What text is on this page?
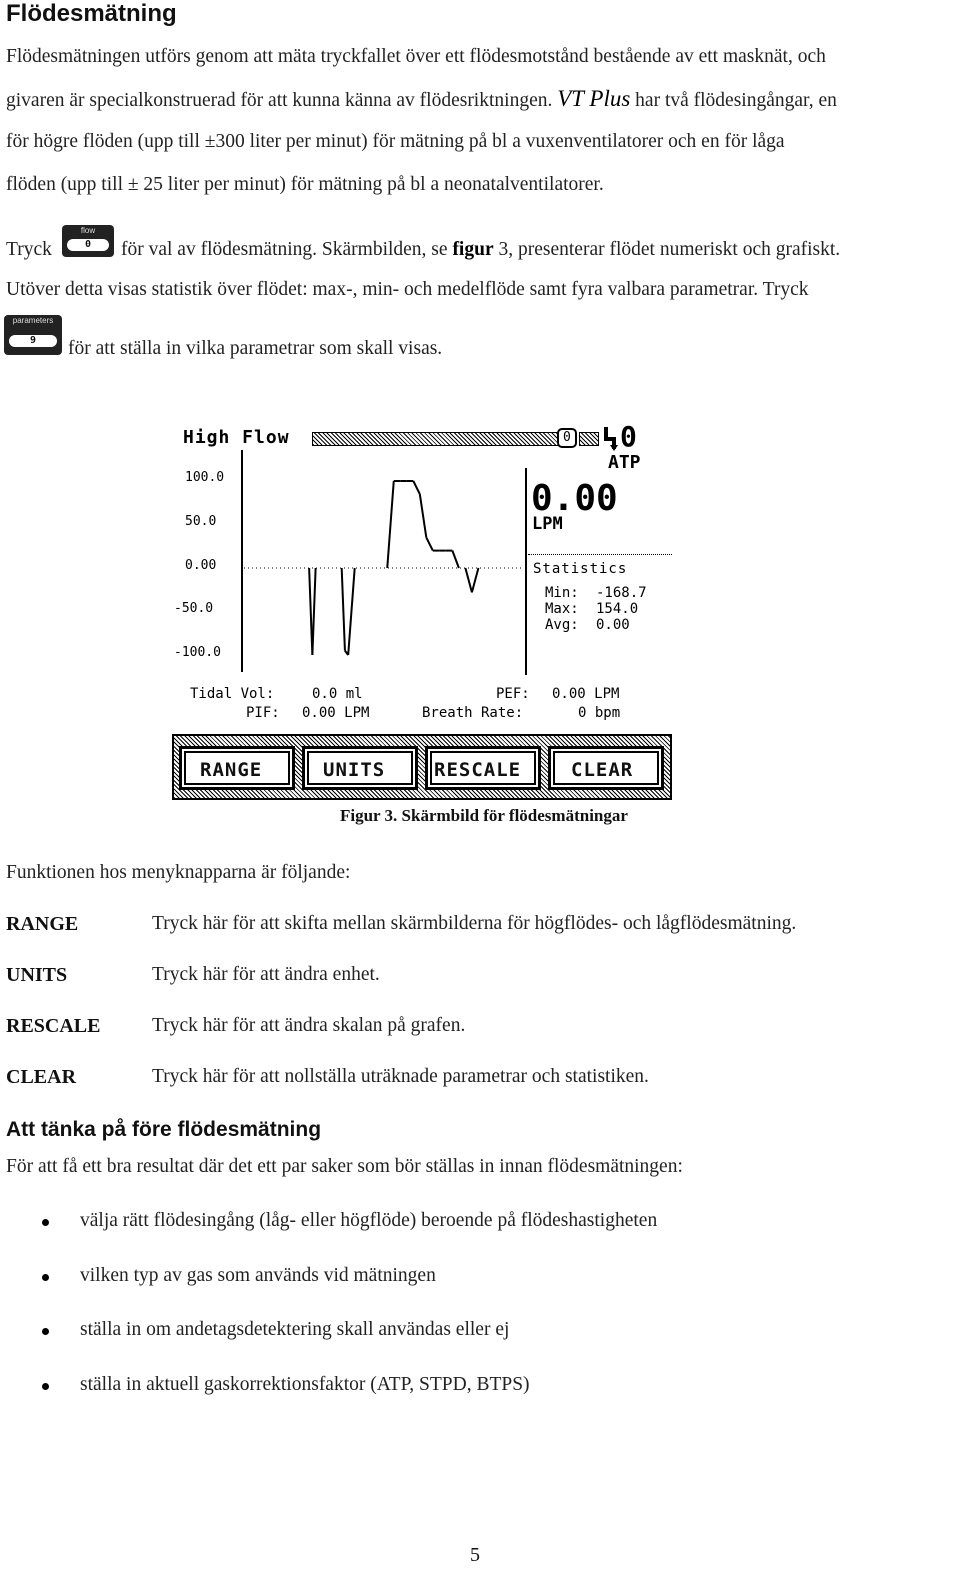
Flödesmätning
Flödesmätningen utförs genom att mäta tryckfallet över ett flödesmotstånd bestående av ett masknät, och
givaren är specialkonstruerad för att kunna känna av flödesriktningen. VT Plus har två flödesingångar, en
för högre flöden (upp till ±300 liter per minut) för mätning på bl a vuxenventilatorer och en för låga
flöden (upp till ± 25 liter per minut) för mätning på bl a neonatalventilatorer.
Tryck
flow
0	för val av flödesmätning. Skärmbilden, se figur 3, presenterar flödet numeriskt och grafiskt.
Utöver detta visas statistik över flödet: max-, min- och medelflöde samt fyra valbara parametrar. Tryck
parameters
9	för att ställa in vilka parametrar som skall visas.
High Flow	0 0
ATP
100.0
50.0
0.00
-50.0
-100.0
0.00
LPM
Statistics
Min: -168.7
Max: 154.0
Avg: 0.00
Tidal Vol:	0.0 ml	PEF: 0.00 LPM
PIF: 0.00 LPM	Breath Rate:	0 bpm
RANGE	UNITS	RESCALE	CLEAR
Figur 3. Skärmbild för flödesmätningar
Funktionen hos menyknapparna är följande:
RANGE	Tryck här för att skifta mellan skärmbilderna för högflödes- och lågflödesmätning.
UNITS	Tryck här för att ändra enhet.
RESCALE	Tryck här för att ändra skalan på grafen.
CLEAR	Tryck här för att nollställa uträknade parametrar och statistiken.
Att tänka på före flödesmätning
För att få ett bra resultat där det ett par saker som bör ställas in innan flödesmätningen:
välja rätt flödesingång (låg- eller högflöde) beroende på flödeshastigheten
vilken typ av gas som används vid mätningen
ställa in om andetagsdetektering skall användas eller ej
ställa in aktuell gaskorrektionsfaktor (ATP, STPD, BTPS)
5
